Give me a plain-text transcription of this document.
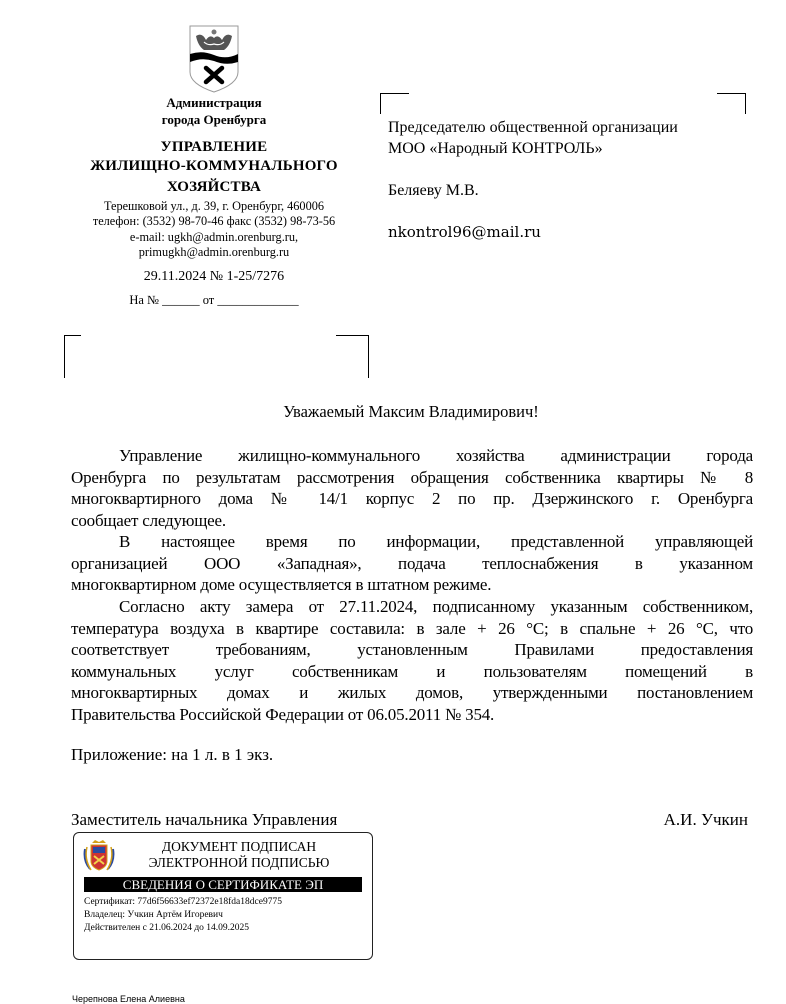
Администрация
города Оренбурга
УПРАВЛЕНИЕ
ЖИЛИЩНО-КОММУНАЛЬНОГО
ХОЗЯЙСТВА
Терешковой ул., д. 39, г. Оренбург, 460006
телефон: (3532) 98-70-46 факс (3532) 98-73-56
e-mail: ugkh@admin.orenburg.ru,
primugkh@admin.orenburg.ru
29.11.2024 № 1-25/7276
На № ______ от _____________
Председателю общественной организации
МОО «Народный КОНТРОЛЬ»
Беляеву М.В.
nkontrol96@mail.ru
Уважаемый Максим Владимирович!
Управление жилищно-коммунального хозяйства администрации города
Оренбурга по результатам рассмотрения обращения собственника квартиры № 8
многоквартирного дома № 14/1 корпус 2 по пр. Дзержинского г. Оренбурга
сообщает следующее.
В настоящее время по информации, представленной управляющей
организацией ООО «Западная», подача теплоснабжения в указанном
многоквартирном доме осуществляется в штатном режиме.
Согласно акту замера от 27.11.2024, подписанному указанным собственником,
температура воздуха в квартире составила: в зале + 26 °C; в спальне + 26 °C, что
соответствует требованиям, установленным Правилами предоставления
коммунальных услуг собственникам и пользователям помещений в
многоквартирных домах и жилых домов, утвержденными постановлением
Правительства Российской Федерации от 06.05.2011 № 354.
Приложение: на 1 л. в 1 экз.
Заместитель начальника Управления	А.И. Учкин
ДОКУМЕНТ ПОДПИСАН
ЭЛЕКТРОННОЙ ПОДПИСЬЮ
СВЕДЕНИЯ О СЕРТИФИКАТЕ ЭП
Сертификат: 77d6f56633ef72372e18fda18dce9775
Владелец: Учкин Артём Игоревич
Действителен с 21.06.2024 до 14.09.2025
Черепнова Елена Алиевна
